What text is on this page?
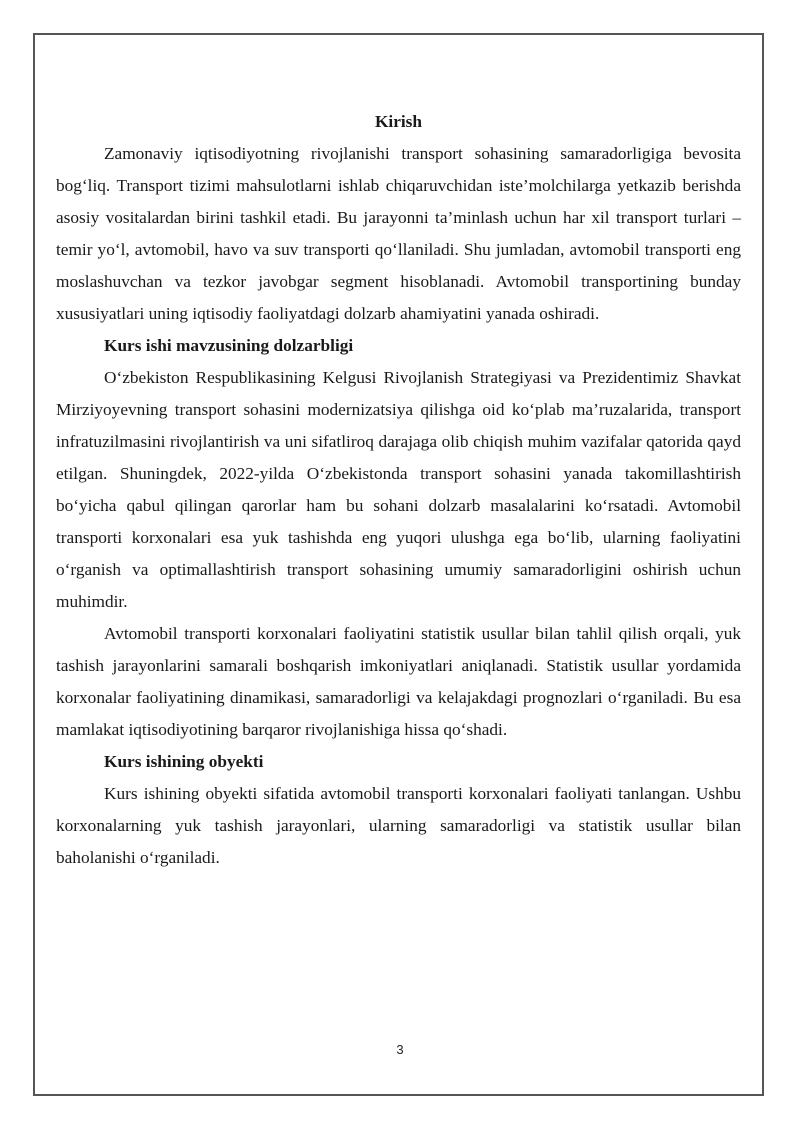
Kirish

Zamonaviy iqtisodiyotning rivojlanishi transport sohasining samaradorligiga bevosita bog‘liq. Transport tizimi mahsulotlarni ishlab chiqaruvchidan iste’molchilarga yetkazib berishda asosiy vositalardan birini tashkil etadi. Bu jarayonni ta’minlash uchun har xil transport turlari – temir yo‘l, avtomobil, havo va suv transporti qo‘llaniladi. Shu jumladan, avtomobil transporti eng moslashuvchan va tezkor javobgar segment hisoblanadi. Avtomobil transportining bunday xususiyatlari uning iqtisodiy faoliyatdagi dolzarb ahamiyatini yanada oshiradi.

Kurs ishi mavzusining dolzarbligi

O‘zbekiston Respublikasining Kelgusi Rivojlanish Strategiyasi va Prezidentimiz Shavkat Mirziyoyevning transport sohasini modernizatsiya qilishga oid ko‘plab ma’ruzalarida, transport infratuzilmasini rivojlantirish va uni sifatliroq darajaga olib chiqish muhim vazifalar qatorida qayd etilgan. Shuningdek, 2022-yilda O‘zbekistonda transport sohasini yanada takomillashtirish bo‘yicha qabul qilingan qarorlar ham bu sohani dolzarb masalalarini ko‘rsatadi. Avtomobil transporti korxonalari esa yuk tashishda eng yuqori ulushga ega bo‘lib, ularning faoliyatini o‘rganish va optimallashtirish transport sohasining umumiy samaradorligini oshirish uchun muhimdir.

Avtomobil transporti korxonalari faoliyatini statistik usullar bilan tahlil qilish orqali, yuk tashish jarayonlarini samarali boshqarish imkoniyatlari aniqlanadi. Statistik usullar yordamida korxonalar faoliyatining dinamikasi, samaradorligi va kelajakdagi prognozlari o‘rganiladi. Bu esa mamlakat iqtisodiyotining barqaror rivojlanishiga hissa qo‘shadi.

Kurs ishining obyekti

Kurs ishining obyekti sifatida avtomobil transporti korxonalari faoliyati tanlangan. Ushbu korxonalarning yuk tashish jarayonlari, ularning samaradorligi va statistik usullar bilan baholanishi o‘rganiladi.

3
